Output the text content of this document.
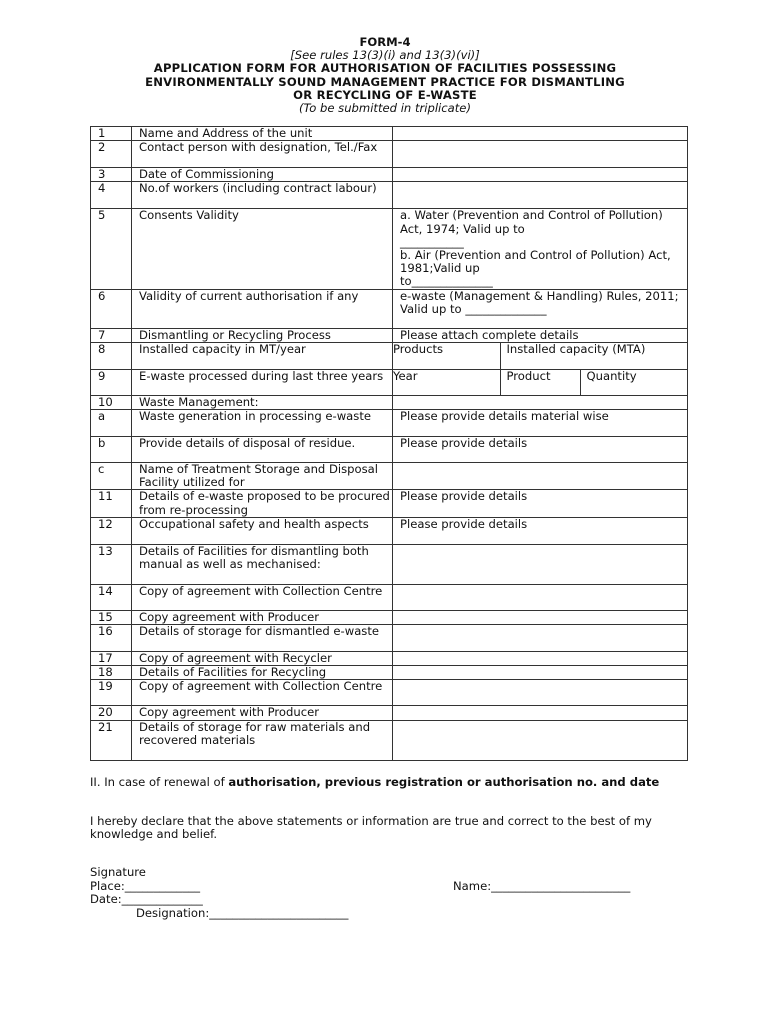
FORM-4
[See rules 13(3)(i) and 13(3)(vi)]
APPLICATION FORM FOR AUTHORISATION OF FACILITIES POSSESSING
ENVIRONMENTALLY SOUND MANAGEMENT PRACTICE FOR DISMANTLING
OR RECYCLING OF E-WASTE
(To be submitted in triplicate)
1	Name and Address of the unit	
2	Contact person with designation, Tel./Fax	
3	Date of Commissioning	
4	No.of workers (including contract labour)	
5	Consents Validity	a. Water (Prevention and Control of Pollution) Act, 1974; Valid up to
___________
b. Air (Prevention and Control of Pollution) Act, 1981;Valid up
to______________

6	Validity of current authorisation if any	e-waste (Management & Handling) Rules, 2011;
Valid up to ______________

7	Dismantling or Recycling Process	Please attach complete details
8	Installed capacity in MT/year		Products	Installed capacity (MTA)

9	E-waste processed during last three years	Year	Product	Quantity

10	Waste Management:	
a	Waste generation in processing e-waste	Please provide details material wise
b	Provide details of disposal of residue.	Please provide details
c	Name of Treatment Storage and Disposal Facility utilized for	
11	Details of e-waste proposed to be procured from re-processing	Please provide details
12	Occupational safety and health aspects	Please provide details
13	Details of Facilities for dismantling both manual as well as mechanised:	
14	Copy of agreement with Collection Centre	
15	Copy agreement with Producer	
16	Details of storage for dismantled e-waste	
17	Copy of agreement with Recycler	
18	Details of Facilities for Recycling	
19	Copy of agreement with Collection Centre	
20	Copy agreement with Producer	
21	Details of storage for raw materials and
recovered materials

II. In case of renewal of authorisation, previous registration or authorisation no. and date
I hereby declare that the above statements or information are true and correct to the best of my knowledge and belief.
Signature
Place:_____________
Date:______________
Designation:________________________
Name:________________________
